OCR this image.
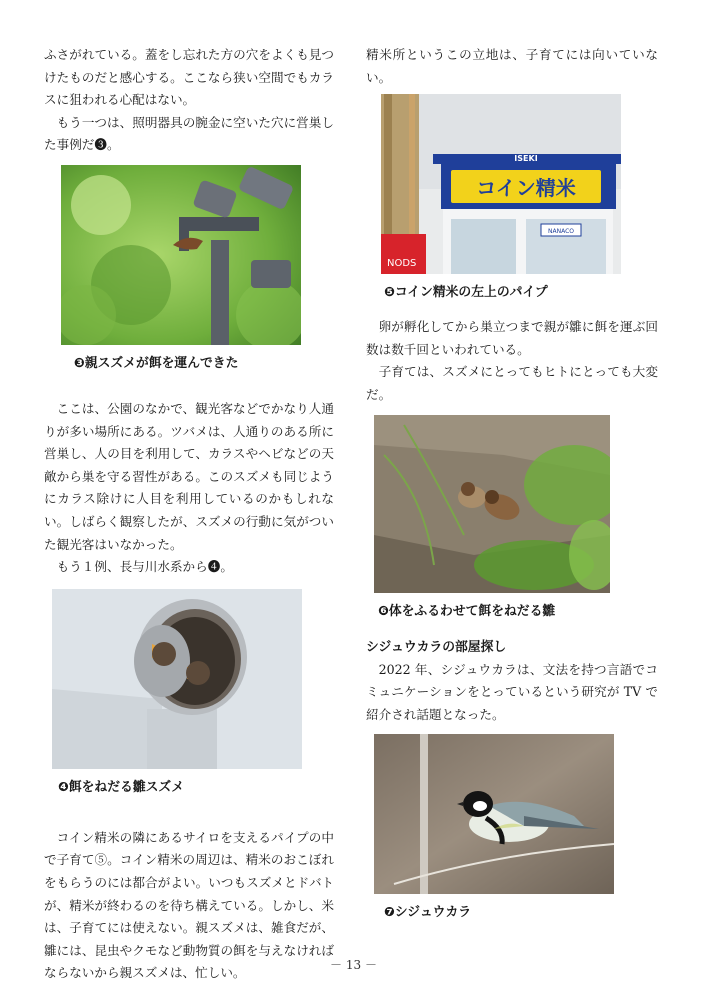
ふさがれている。蓋をし忘れた方の穴をよくも見つけたものだと感心する。ここなら狭い空間でもカラスに狙われる心配はない。

もう一つは、照明器具の腕金に空いた穴に営巣した事例だ❸。

❸親スズメが餌を運んできた

ここは、公園のなかで、観光客などでかなり人通りが多い場所にある。ツバメは、人通りのある所に営巣し、人の目を利用して、カラスやヘビなどの天敵から巣を守る習性がある。このスズメも同じようにカラス除けに人目を利用しているのかもしれない。しばらく観察したが、スズメの行動に気がついた観光客はいなかった。

もう１例、長与川水系から❹。

❹餌をねだる雛スズメ

コイン精米の隣にあるサイロを支えるパイプの中で子育て⑤。コイン精米の周辺は、精米のおこぼれをもらうのには都合がよい。いつもスズメとドバトが、精米が終わるのを待ち構えている。しかし、米は、子育てには使えない。親スズメは、雑食だが、雛には、昆虫やクモなど動物質の餌を与えなければならないから親スズメは、忙しい。

精米所というこの立地は、子育てには向いていない。

NODS
ISEKI
コイン精米
NANACO

❺コイン精米の左上のパイプ

卵が孵化してから巣立つまで親が雛に餌を運ぶ回数は数千回といわれている。

子育ては、スズメにとってもヒトにとっても大変だ。

❻体をふるわせて餌をねだる雛

シジュウカラの部屋探し

2022 年、シジュウカラは、文法を持つ言語でコミュニケーションをとっているという研究が TV で紹介され話題となった。

❼シジュウカラ

－ 13 －
